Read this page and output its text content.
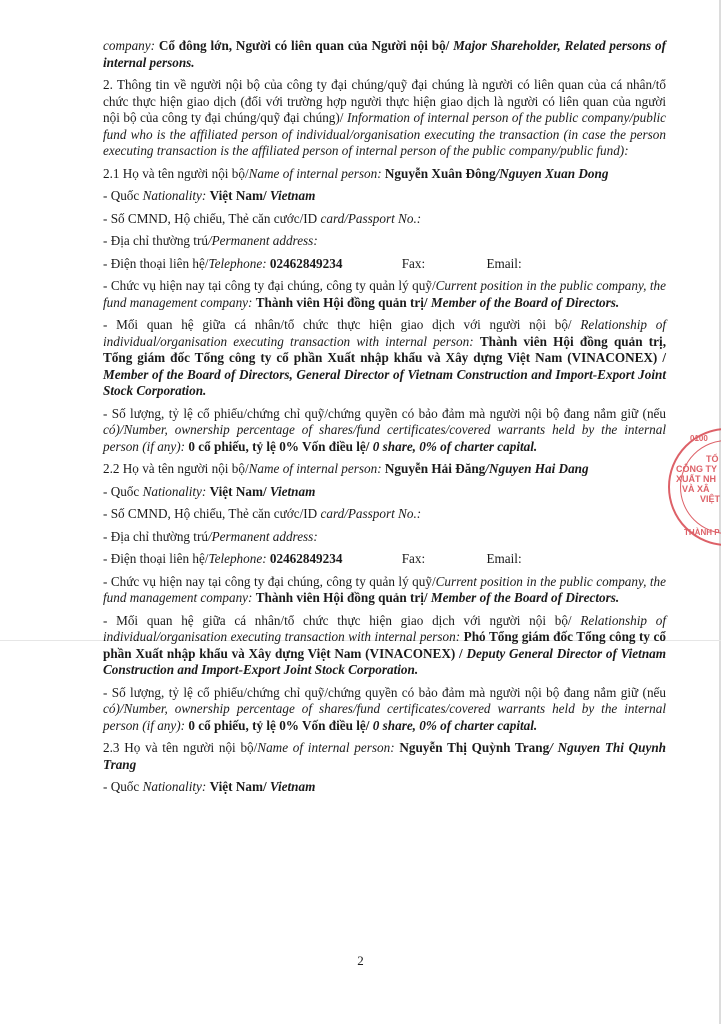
company: Cổ đông lớn, Người có liên quan của Người nội bộ/ Major Shareholder, Related persons of internal persons.

2. Thông tin về người nội bộ của công ty đại chúng/quỹ đại chúng là người có liên quan của cá nhân/tổ chức thực hiện giao dịch (đối với trường hợp người thực hiện giao dịch là người có liên quan của người nội bộ của công ty đại chúng/quỹ đại chúng)/ Information of internal person of the public company/public fund who is the affiliated person of individual/organisation executing the transaction (in case the person executing transaction is the affiliated person of internal person of the public company/public fund):

2.1 Họ và tên người nội bộ/Name of internal person: Nguyễn Xuân Đông/Nguyen Xuan Dong

- Quốc Nationality: Việt Nam/ Vietnam

- Số CMND, Hộ chiếu, Thẻ căn cước/ID card/Passport No.:

- Địa chỉ thường trú/Permanent address:

- Điện thoại liên hệ/Telephone: 02462849234	Fax:	Email:

- Chức vụ hiện nay tại công ty đại chúng, công ty quản lý quỹ/Current position in the public company, the fund management company: Thành viên Hội đồng quản trị/ Member of the Board of Directors.

- Mối quan hệ giữa cá nhân/tổ chức thực hiện giao dịch với người nội bộ/ Relationship of individual/organisation executing transaction with internal person: Thành viên Hội đồng quản trị, Tổng giám đốc Tổng công ty cổ phần Xuất nhập khẩu và Xây dựng Việt Nam (VINACONEX) / Member of the Board of Directors, General Director of Vietnam Construction and Import-Export Joint Stock Corporation.

- Số lượng, tỷ lệ cổ phiếu/chứng chỉ quỹ/chứng quyền có bảo đảm mà người nội bộ đang nắm giữ (nếu có)/Number, ownership percentage of shares/fund certificates/covered warrants held by the internal person (if any): 0 cổ phiếu, tỷ lệ 0% Vốn điều lệ/ 0 share, 0% of charter capital.

2.2 Họ và tên người nội bộ/Name of internal person: Nguyễn Hải Đăng/Nguyen Hai Dang

- Quốc Nationality: Việt Nam/ Vietnam

- Số CMND, Hộ chiếu, Thẻ căn cước/ID card/Passport No.:

- Địa chỉ thường trú/Permanent address:

- Điện thoại liên hệ/Telephone: 02462849234	Fax:	Email:

- Chức vụ hiện nay tại công ty đại chúng, công ty quản lý quỹ/Current position in the public company, the fund management company: Thành viên Hội đồng quản trị/ Member of the Board of Directors.

- Mối quan hệ giữa cá nhân/tổ chức thực hiện giao dịch với người nội bộ/ Relationship of individual/organisation executing transaction with internal person: Phó Tổng giám đốc Tổng công ty cổ phần Xuất nhập khẩu và Xây dựng Việt Nam (VINACONEX) / Deputy General Director of Vietnam Construction and Import-Export Joint Stock Corporation.

- Số lượng, tỷ lệ cổ phiếu/chứng chỉ quỹ/chứng quyền có bảo đảm mà người nội bộ đang nắm giữ (nếu có)/Number, ownership percentage of shares/fund certificates/covered warrants held by the internal person (if any): 0 cổ phiếu, tỷ lệ 0% Vốn điều lệ/ 0 share, 0% of charter capital.

2.3 Họ và tên người nội bộ/Name of internal person: Nguyễn Thị Quỳnh Trang/ Nguyen Thi Quynh Trang

- Quốc Nationality: Việt Nam/ Vietnam

0100
TỔ
CÔNG TY
XUẤT NH
VÀ XÂ
VIỆT
THÀNH P
2
